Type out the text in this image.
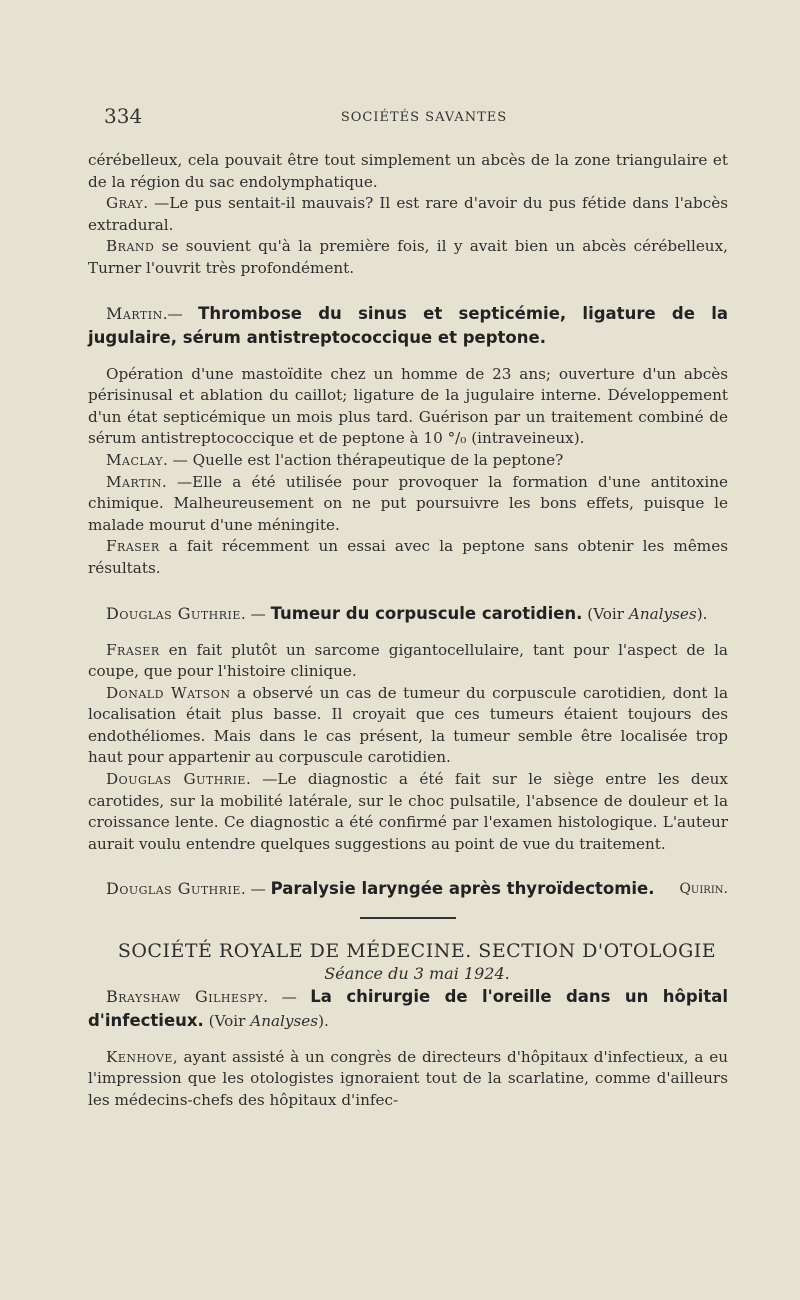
334	SOCIÉTÉS SAVANTES

cérébelleux, cela pouvait être tout simplement un abcès de la zone triangulaire et de la région du sac endolymphatique.

Gray. —Le pus sentait-il mauvais? Il est rare d'avoir du pus fétide dans l'abcès extradural.

Brand se souvient qu'à la première fois, il y avait bien un abcès cérébelleux, Turner l'ouvrit très profondément.

Martin.— Thrombose du sinus et septicémie, ligature de la jugulaire, sérum antistreptococcique et peptone.

Opération d'une mastoïdite chez un homme de 23 ans; ouverture d'un abcès périsinusal et ablation du caillot; ligature de la jugulaire interne. Développement d'un état septicémique un mois plus tard. Guérison par un traitement combiné de sérum antistreptococcique et de peptone à 10 °/₀ (intraveineux).

Maclay. — Quelle est l'action thérapeutique de la peptone?

Martin. —Elle a été utilisée pour provoquer la formation d'une antitoxine chimique. Malheureusement on ne put poursuivre les bons effets, puisque le malade mourut d'une méningite.

Fraser a fait récemment un essai avec la peptone sans obtenir les mêmes résultats.

Douglas Guthrie. — Tumeur du corpuscule carotidien. (Voir Analyses).

Fraser en fait plutôt un sarcome gigantocellulaire, tant pour l'aspect de la coupe, que pour l'histoire clinique.

Donald Watson a observé un cas de tumeur du corpuscule carotidien, dont la localisation était plus basse. Il croyait que ces tumeurs étaient toujours des endothéliomes. Mais dans le cas présent, la tumeur semble être localisée trop haut pour appartenir au corpuscule carotidien.

Douglas Guthrie. —Le diagnostic a été fait sur le siège entre les deux carotides, sur la mobilité latérale, sur le choc pulsatile, l'absence de douleur et la croissance lente. Ce diagnostic a été confirmé par l'examen histologique. L'auteur aurait voulu entendre quelques suggestions au point de vue du traitement.

Douglas Guthrie. — Paralysie laryngée après thyroïdectomie.	Quirin.

SOCIÉTÉ ROYALE DE MÉDECINE. SECTION D'OTOLOGIE

Séance du 3 mai 1924.

Brayshaw Gilhespy. — La chirurgie de l'oreille dans un hôpital d'infectieux. (Voir Analyses).

Kenhove, ayant assisté à un congrès de directeurs d'hôpitaux d'infectieux, a eu l'impression que les otologistes ignoraient tout de la scarlatine, comme d'ailleurs les médecins-chefs des hôpitaux d'infec-
